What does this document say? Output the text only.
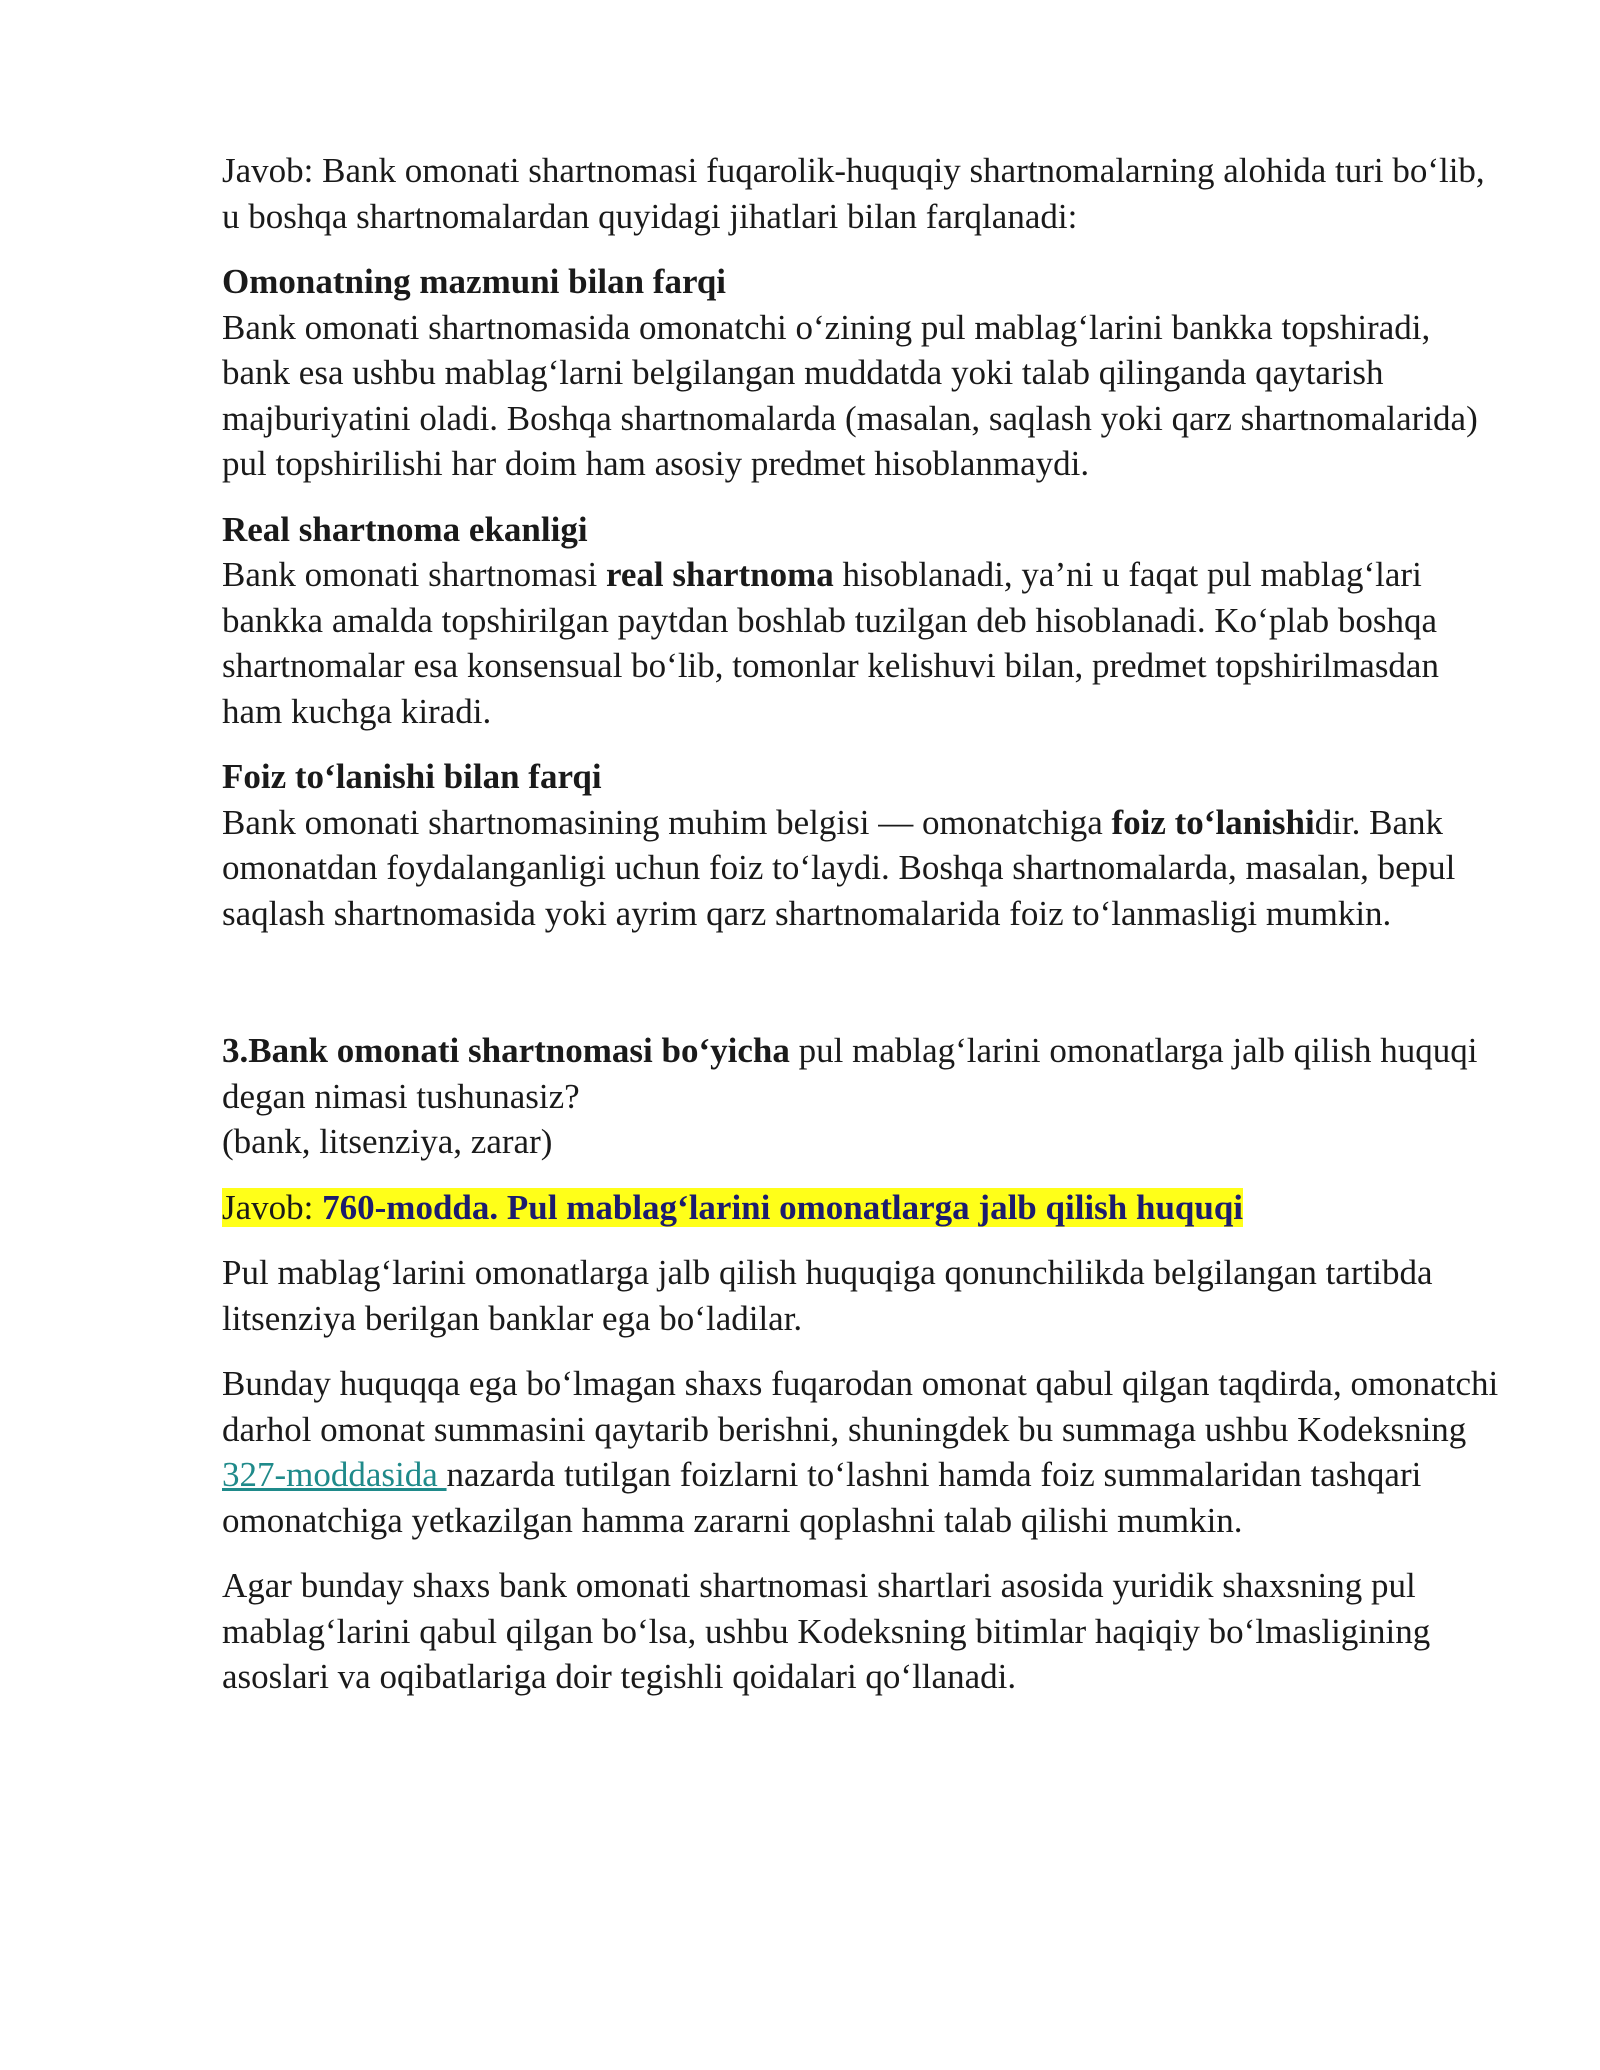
Javob: Bank omonati shartnomasi fuqarolik-huquqiy shartnomalarning alohida turi bo‘lib, u boshqa shartnomalardan quyidagi jihatlari bilan farqlanadi:

Omonatning mazmuni bilan farqi

Bank omonati shartnomasida omonatchi o‘zining pul mablag‘larini bankka topshiradi, bank esa ushbu mablag‘larni belgilangan muddatda yoki talab qilinganda qaytarish majburiyatini oladi. Boshqa shartnomalarda (masalan, saqlash yoki qarz shartnomalarida) pul topshirilishi har doim ham asosiy predmet hisoblanmaydi.

Real shartnoma ekanligi

Bank omonati shartnomasi real shartnoma hisoblanadi, ya’ni u faqat pul mablag‘lari bankka amalda topshirilgan paytdan boshlab tuzilgan deb hisoblanadi. Ko‘plab boshqa shartnomalar esa konsensual bo‘lib, tomonlar kelishuvi bilan, predmet topshirilmasdan ham kuchga kiradi.

Foiz to‘lanishi bilan farqi

Bank omonati shartnomasining muhim belgisi — omonatchiga foiz to‘lanishidir. Bank omonatdan foydalanganligi uchun foiz to‘laydi. Boshqa shartnomalarda, masalan, bepul saqlash shartnomasida yoki ayrim qarz shartnomalarida foiz to‘lanmasligi mumkin.

3.Bank omonati shartnomasi bo‘yicha pul mablag‘larini omonatlarga jalb qilish huquqi degan nimasi tushunasiz?

(bank, litsenziya, zarar)

Javob: 760-modda. Pul mablag‘larini omonatlarga jalb qilish huquqi

Pul mablag‘larini omonatlarga jalb qilish huquqiga qonunchilikda belgilangan tartibda litsenziya berilgan banklar ega bo‘ladilar.

Bunday huquqqa ega bo‘lmagan shaxs fuqarodan omonat qabul qilgan taqdirda, omonatchi darhol omonat summasini qaytarib berishni, shuningdek bu summaga ushbu Kodeksning 327-moddasida nazarda tutilgan foizlarni to‘lashni hamda foiz summalaridan tashqari omonatchiga yetkazilgan hamma zararni qoplashni talab qilishi mumkin.

Agar bunday shaxs bank omonati shartnomasi shartlari asosida yuridik shaxsning pul mablag‘larini qabul qilgan bo‘lsa, ushbu Kodeksning bitimlar haqiqiy bo‘lmasligining asoslari va oqibatlariga doir tegishli qoidalari qo‘llanadi.
